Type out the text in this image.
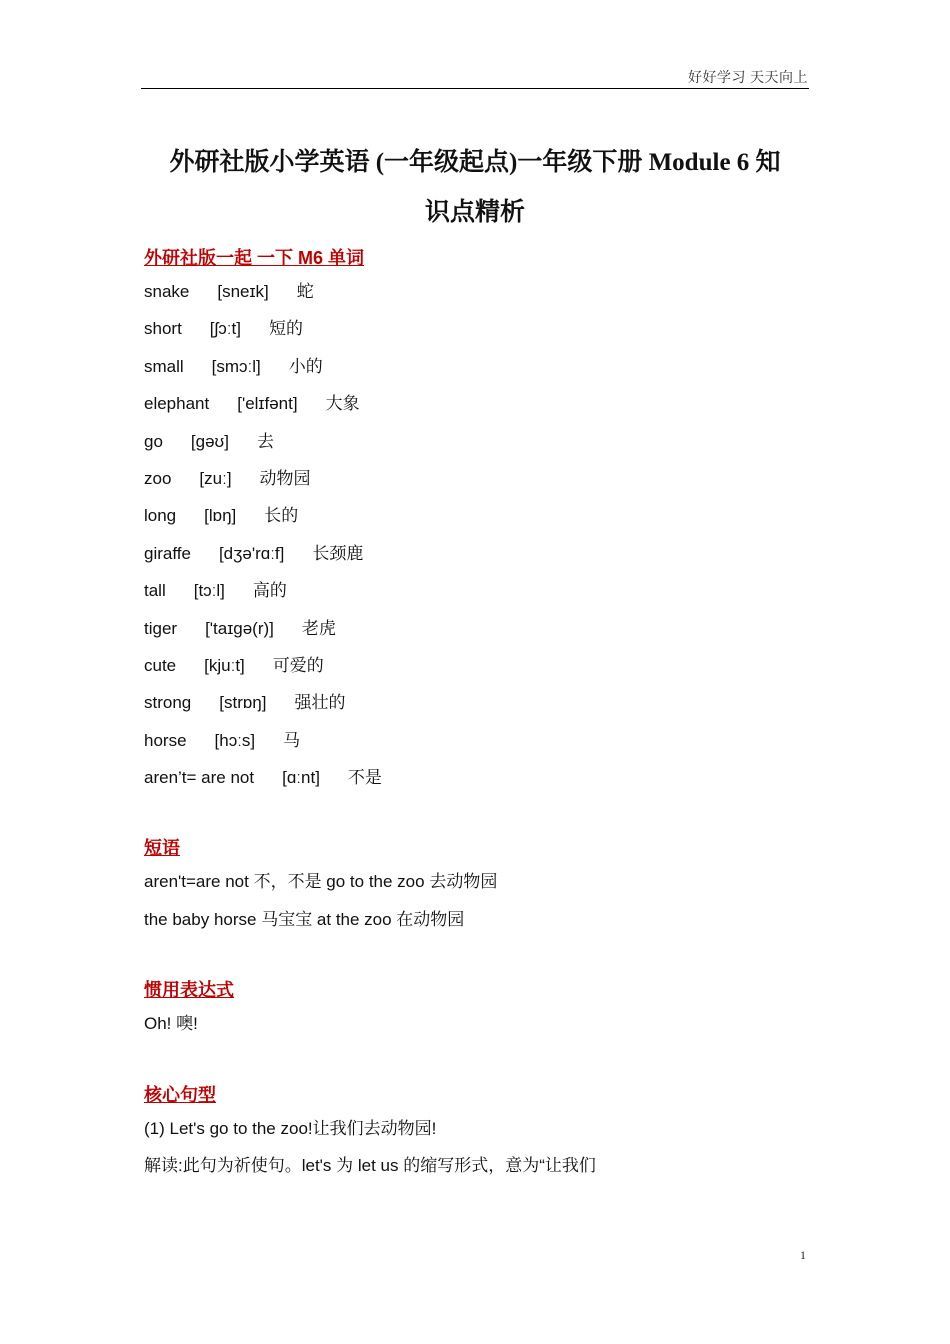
好好学习 天天向上
外研社版小学英语 (一年级起点)一年级下册 Module 6 知
识点精析
外研社版一起 一下 M6 单词
snake [sneɪk] 蛇
short [ʃɔːt] 短的
small [smɔːl] 小的
elephant ['elɪfənt] 大象
go [ɡəʊ] 去
zoo [zuː] 动物园
long [lɒŋ] 长的
giraffe [dʒə'rɑːf] 长颈鹿
tall [tɔːl] 高的
tiger ['taɪɡə(r)] 老虎
cute [kjuːt] 可爱的
strong [strɒŋ] 强壮的
horse [hɔːs] 马
aren’t= are not [ɑːnt] 不是
短语
aren't=are not 不，不是 go to the zoo 去动物园
the baby horse 马宝宝 at the zoo 在动物园
惯用表达式
Oh! 噢!
核心句型
(1) Let's go to the zoo!让我们去动物园!
解读:此句为祈使句。let's 为 let us 的缩写形式，意为“让我们
1
